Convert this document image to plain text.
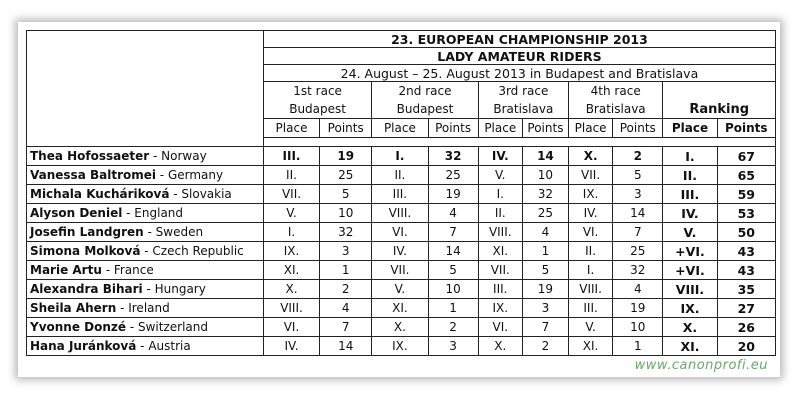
	23. EUROPEAN CHAMPIONSHIP 2013									
	LADY AMATEUR RIDERS									
	24. August – 25. August 2013 in Budapest and Bratislava									
	1st race		2nd race		3rd race		4th race		Ranking	
	Budapest		Budapest		Bratislava		Bratislava			
	Place	Points	Place	Points	Place	Points	Place	Points	Place	Points

Thea Hofossaeter - Norway	III.	19	I.	32	IV.	14	X.	2	I.	67
Vanessa Baltromei - Germany	II.	25	II.	25	V.	10	VII.	5	II.	65
Michala Kucháriková - Slovakia	VII.	5	III.	19	I.	32	IX.	3	III.	59
Alyson Deniel - England	V.	10	VIII.	4	II.	25	IV.	14	IV.	53
Josefin Landgren - Sweden	I.	32	VI.	7	VIII.	4	VI.	7	V.	50
Simona Molková - Czech Republic	IX.	3	IV.	14	XI.	1	II.	25	+VI.	43
Marie Artu - France	XI.	1	VII.	5	VII.	5	I.	32	+VI.	43
Alexandra Bihari - Hungary	X.	2	V.	10	III.	19	VIII.	4	VIII.	35
Sheila Ahern - Ireland	VIII.	4	XI.	1	IX.	3	III.	19	IX.	27
Yvonne Donzé - Switzerland	VI.	7	X.	2	VI.	7	V.	10	X.	26
Hana Juránková - Austria	IV.	14	IX.	3	X.	2	XI.	1	XI.	20
www.canonprofi.eu
